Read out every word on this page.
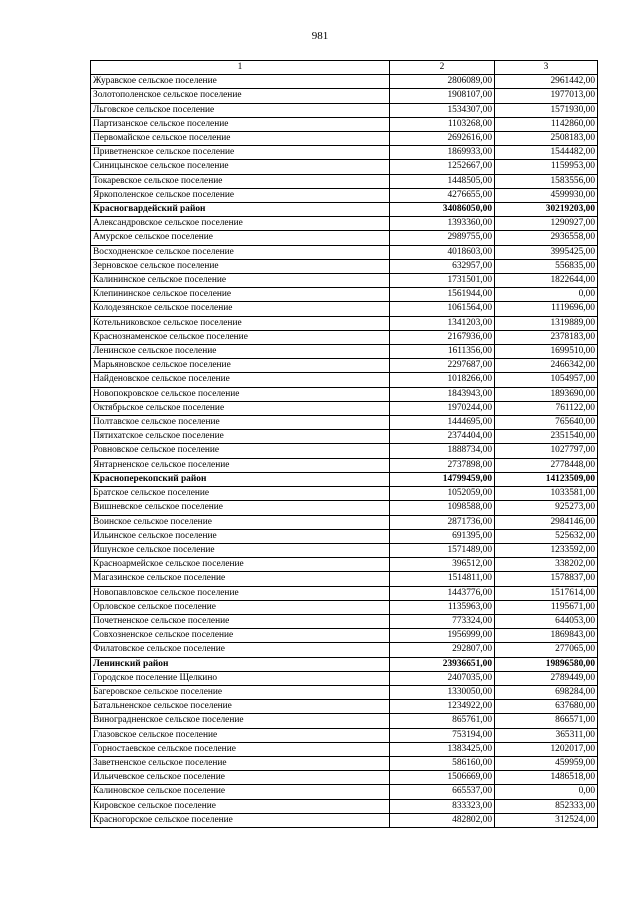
981
1	2	3
Журавское сельское поселение	2806089,00	2961442,00
Золотополенское сельское поселение	1908107,00	1977013,00
Льговское сельское поселение	1534307,00	1571930,00
Партизанское сельское поселение	1103268,00	1142860,00
Первомайское сельское поселение	2692616,00	2508183,00
Приветненское сельское поселение	1869933,00	1544482,00
Синицынское сельское поселение	1252667,00	1159953,00
Токаревское сельское поселение	1448505,00	1583556,00
Яркополенское сельское поселение	4276655,00	4599930,00
Красногвардейский район	34086050,00	30219203,00
Александровское сельское поселение	1393360,00	1290927,00
Амурское сельское поселение	2989755,00	2936558,00
Восходненское сельское поселение	4018603,00	3995425,00
Зерновское сельское поселение	632957,00	556835,00
Калининское сельское поселение	1731501,00	1822644,00
Клепининское сельское поселение	1561944,00	0,00
Колодезянское сельское поселение	1061564,00	1119696,00
Котельниковское сельское поселение	1341203,00	1319889,00
Краснознаменское сельское поселение	2167936,00	2378183,00
Ленинское сельское поселение	1611356,00	1699510,00
Марьяновское сельское поселение	2297687,00	2466342,00
Найденовское сельское поселение	1018266,00	1054957,00
Новопокровское сельское поселение	1843943,00	1893690,00
Октябрьское сельское поселение	1970244,00	761122,00
Полтавское сельское поселение	1444695,00	765640,00
Пятихатское сельское поселение	2374404,00	2351540,00
Ровновское сельское поселение	1888734,00	1027797,00
Янтарненское сельское поселение	2737898,00	2778448,00
Красноперекопский район	14799459,00	14123509,00
Братское сельское поселение	1052059,00	1033581,00
Вишневское сельское поселение	1098588,00	925273,00
Воинское сельское поселение	2871736,00	2984146,00
Ильинское сельское поселение	691395,00	525632,00
Ишунское сельское поселение	1571489,00	1233592,00
Красноармейское сельское поселение	396512,00	338202,00
Магазинское сельское поселение	1514811,00	1578837,00
Новопавловское сельское поселение	1443776,00	1517614,00
Орловское сельское поселение	1135963,00	1195671,00
Почетненское сельское поселение	773324,00	644053,00
Совхозненское сельское поселение	1956999,00	1869843,00
Филатовское сельское поселение	292807,00	277065,00
Ленинский район	23936651,00	19896580,00
Городское поселение Щелкино	2407035,00	2789449,00
Багеровское сельское поселение	1330050,00	698284,00
Батальненское сельское поселение	1234922,00	637680,00
Виноградненское сельское поселение	865761,00	866571,00
Глазовское сельское поселение	753194,00	365311,00
Горностаевское сельское поселение	1383425,00	1202017,00
Заветненское сельское поселение	586160,00	459959,00
Ильичевское сельское поселение	1506669,00	1486518,00
Калиновское сельское поселение	665537,00	0,00
Кировское сельское поселение	833323,00	852333,00
Красногорское сельское поселение	482802,00	312524,00
